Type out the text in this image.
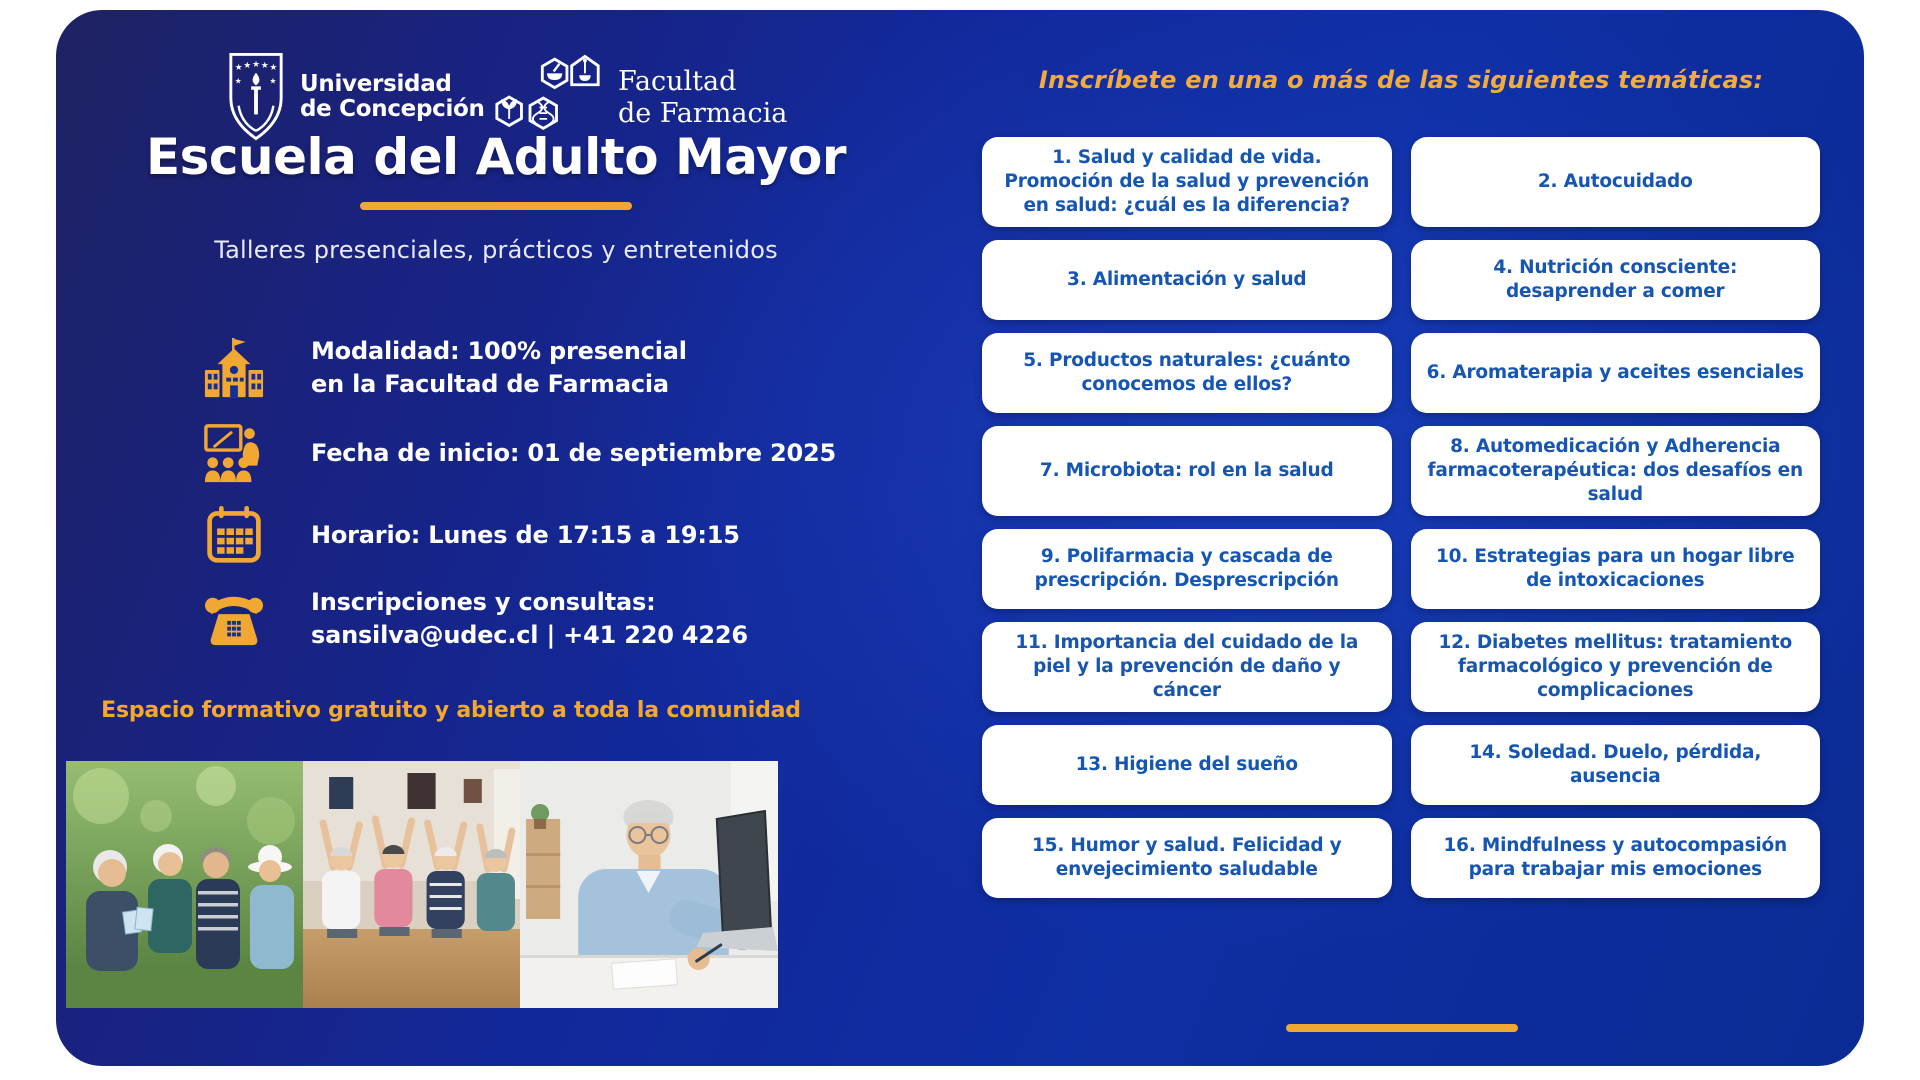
★ ★ ★ ★ ★
★	★ Universidad
de Concepción
Facultad
de Farmacia
Escuela del Adulto Mayor
Talleres presenciales, prácticos y entretenidos
Modalidad: 100% presencial
en la Facultad de Farmacia
Fecha de inicio: 01 de septiembre 2025
Horario: Lunes de 17:15 a 19:15
Inscripciones y consultas:
sansilva@udec.cl | +41 220 4226
Espacio formativo gratuito y abierto a toda la comunidad
Inscríbete en una o más de las siguientes temáticas:
1. Salud y calidad de vida. Promoción de la salud y prevención en salud: ¿cuál es la diferencia?
2. Autocuidado
3. Alimentación y salud
4. Nutrición consciente: desaprender a comer
5. Productos naturales: ¿cuánto conocemos de ellos?
6. Aromaterapia y aceites esenciales
7. Microbiota: rol en la salud
8. Automedicación y Adherencia farmacoterapéutica: dos desafíos en salud
9. Polifarmacia y cascada de prescripción. Desprescripción
10. Estrategias para un hogar libre de intoxicaciones
11. Importancia del cuidado de la piel y la prevención de daño y cáncer
12. Diabetes mellitus: tratamiento farmacológico y prevención de complicaciones
13. Higiene del sueño
14. Soledad. Duelo, pérdida, ausencia
15. Humor y salud. Felicidad y envejecimiento saludable
16. Mindfulness y autocompasión para trabajar mis emociones
